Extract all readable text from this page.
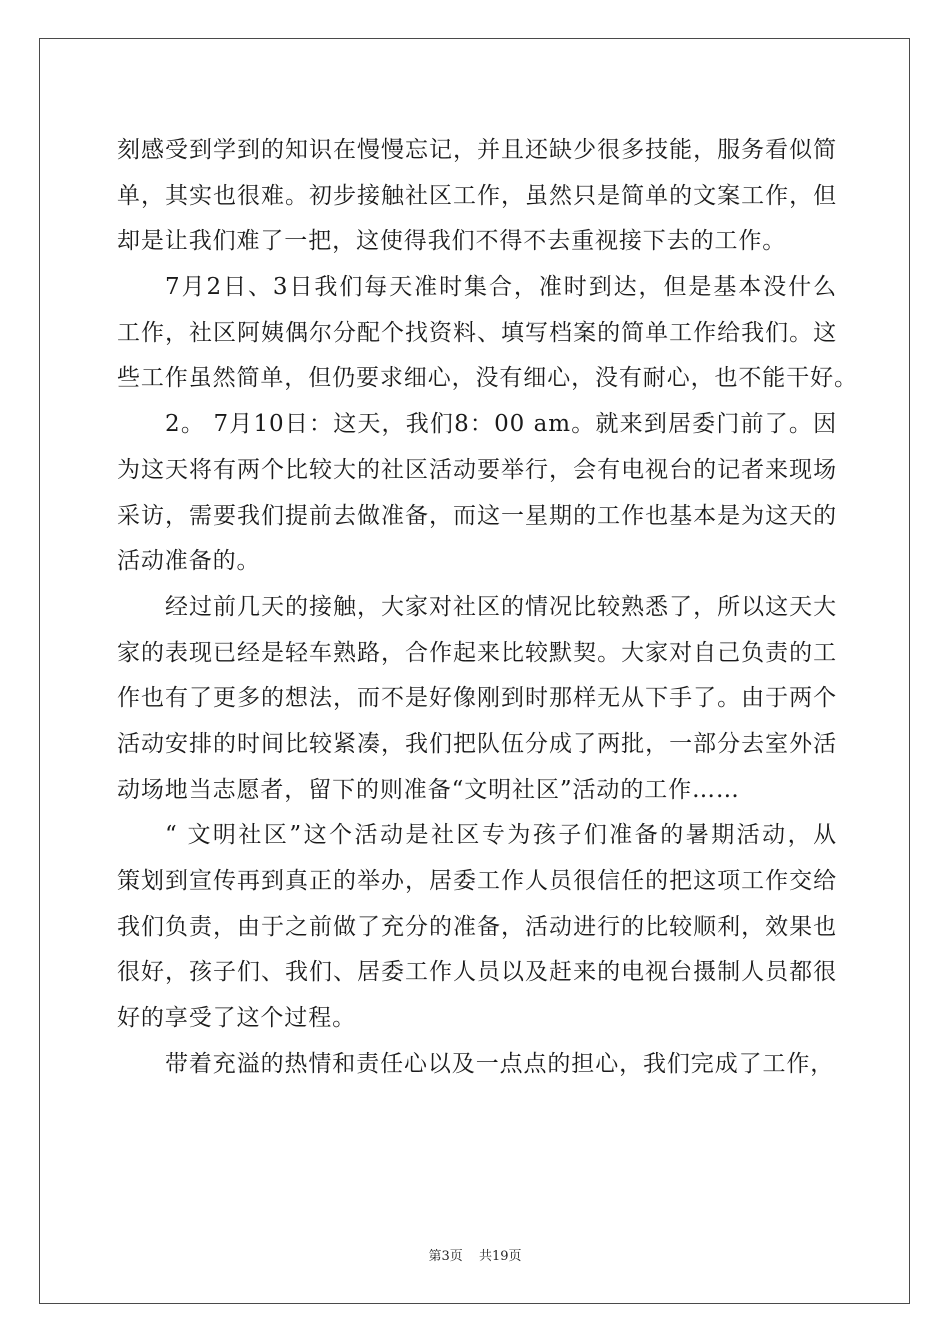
刻感受到学到的知识在慢慢忘记，并且还缺少很多技能，服务看似简
单，其实也很难。初步接触社区工作，虽然只是简单的文案工作，但
却是让我们难了一把，这使得我们不得不去重视接下去的工作。
7月2日、3日我们每天准时集合，准时到达，但是基本没什么
工作，社区阿姨偶尔分配个找资料、填写档案的简单工作给我们。这
些工作虽然简单，但仍要求细心，没有细心，没有耐心，也不能干好。
2。 7月10日：这天，我们8：00 am。就来到居委门前了。因
为这天将有两个比较大的社区活动要举行，会有电视台的记者来现场
采访，需要我们提前去做准备，而这一星期的工作也基本是为这天的
活动准备的。
经过前几天的接触，大家对社区的情况比较熟悉了，所以这天大
家的表现已经是轻车熟路，合作起来比较默契。大家对自己负责的工
作也有了更多的想法，而不是好像刚到时那样无从下手了。由于两个
活动安排的时间比较紧凑，我们把队伍分成了两批，一部分去室外活
动场地当志愿者，留下的则准备“文明社区”活动的工作……
“ 文明社区”这个活动是社区专为孩子们准备的暑期活动，从
策划到宣传再到真正的举办，居委工作人员很信任的把这项工作交给
我们负责，由于之前做了充分的准备，活动进行的比较顺利，效果也
很好，孩子们、我们、居委工作人员以及赶来的电视台摄制人员都很
好的享受了这个过程。
带着充溢的热情和责任心以及一点点的担心，我们完成了工作，
第3页 共19页
